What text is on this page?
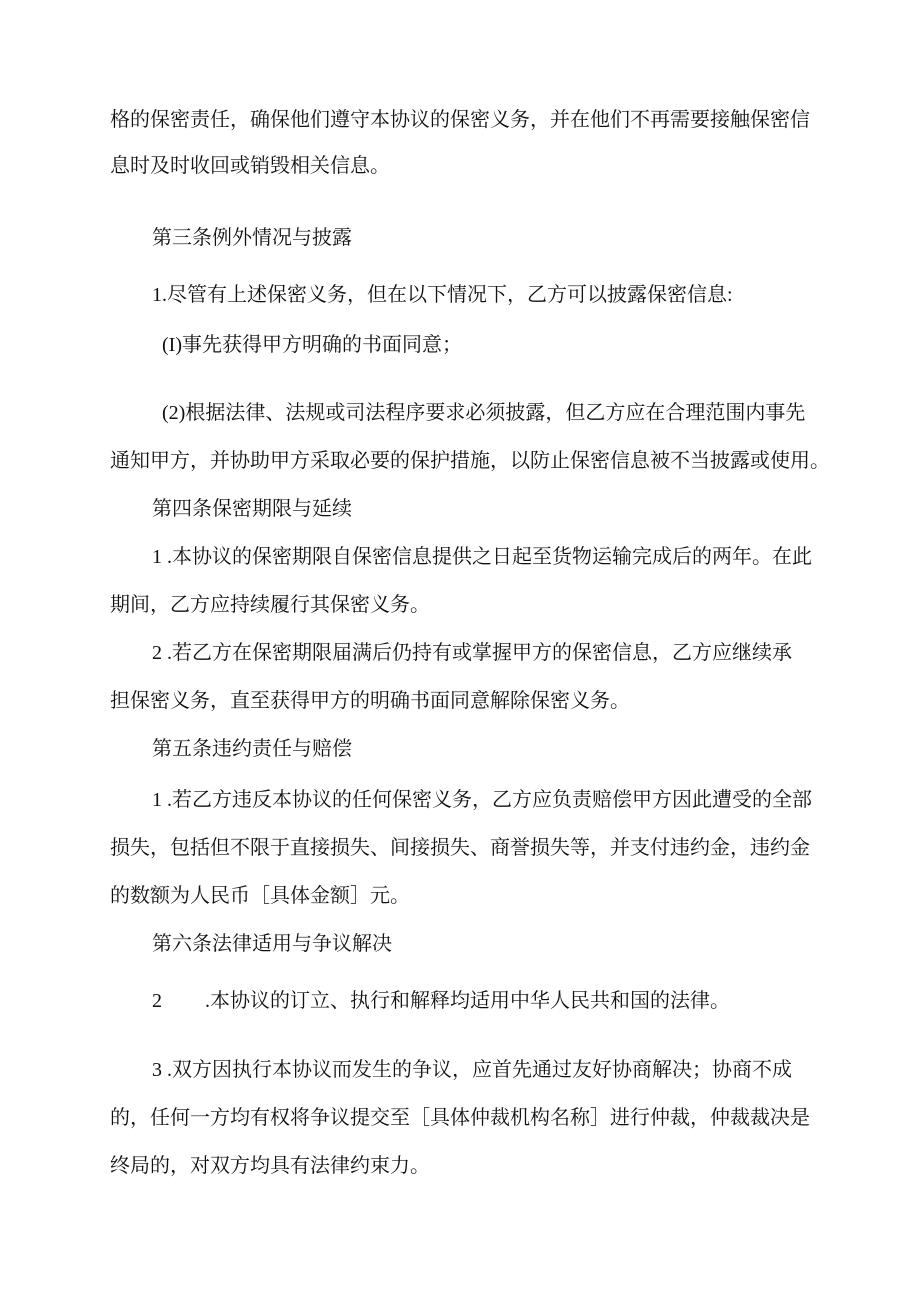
格的保密责任，确保他们遵守本协议的保密义务，并在他们不再需要接触保密信
息时及时收回或销毁相关信息。
第三条例外情况与披露
1.尽管有上述保密义务，但在以下情况下，乙方可以披露保密信息:
(I)事先获得甲方明确的书面同意；
(2)根据法律、法规或司法程序要求必须披露，但乙方应在合理范围内事先
通知甲方，并协助甲方采取必要的保护措施，以防止保密信息被不当披露或使用。
第四条保密期限与延续
1 .本协议的保密期限自保密信息提供之日起至货物运输完成后的两年。在此
期间，乙方应持续履行其保密义务。
2 .若乙方在保密期限届满后仍持有或掌握甲方的保密信息，乙方应继续承
担保密义务，直至获得甲方的明确书面同意解除保密义务。
第五条违约责任与赔偿
1 .若乙方违反本协议的任何保密义务，乙方应负责赔偿甲方因此遭受的全部
损失，包括但不限于直接损失、间接损失、商誉损失等，并支付违约金，违约金
的数额为人民币［具体金额］元。
第六条法律适用与争议解决
2 .本协议的订立、执行和解释均适用中华人民共和国的法律。
3 .双方因执行本协议而发生的争议，应首先通过友好协商解决；协商不成
的，任何一方均有权将争议提交至［具体仲裁机构名称］进行仲裁，仲裁裁决是
终局的，对双方均具有法律约束力。
